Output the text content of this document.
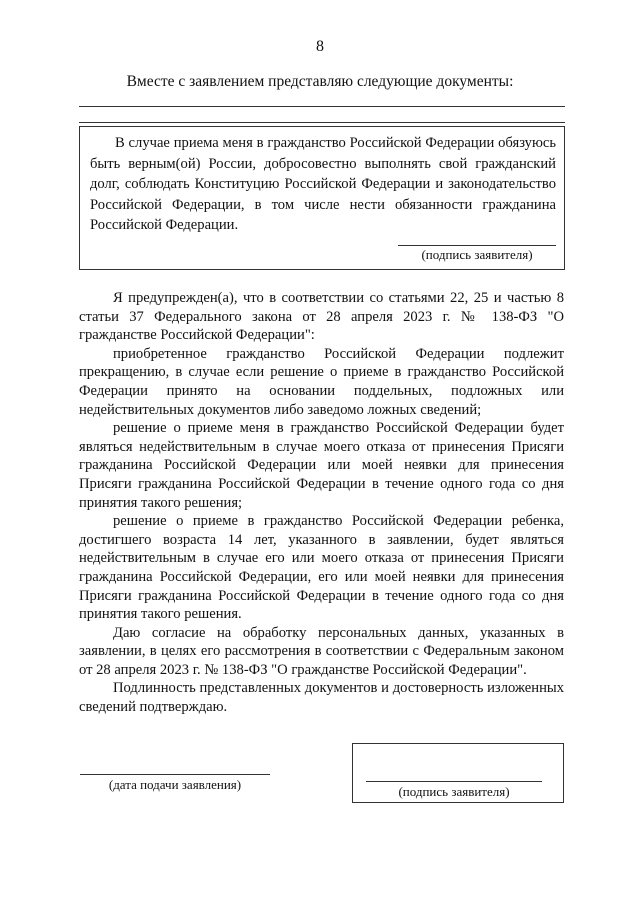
8
Вместе с заявлением представляю следующие документы:

В случае приема меня в гражданство Российской Федерации обязуюсь быть верным(ой) России, добросовестно выполнять свой гражданский долг, соблюдать Конституцию Российской Федерации и законодательство Российской Федерации, в том числе нести обязанности гражданина Российской Федерации.

(подпись заявителя)

Я предупрежден(а), что в соответствии со статьями 22, 25 и частью 8 статьи 37 Федерального закона от 28 апреля 2023 г. № 138-ФЗ "О гражданстве Российской Федерации":

приобретенное гражданство Российской Федерации подлежит прекращению, в случае если решение о приеме в гражданство Российской Федерации принято на основании поддельных, подложных или недействительных документов либо заведомо ложных сведений;

решение о приеме меня в гражданство Российской Федерации будет являться недействительным в случае моего отказа от принесения Присяги гражданина Российской Федерации или моей неявки для принесения Присяги гражданина Российской Федерации в течение одного года со дня принятия такого решения;

решение о приеме в гражданство Российской Федерации ребенка, достигшего возраста 14 лет, указанного в заявлении, будет являться недействительным в случае его или моего отказа от принесения Присяги гражданина Российской Федерации, его или моей неявки для принесения Присяги гражданина Российской Федерации в течение одного года со дня принятия такого решения.

Даю согласие на обработку персональных данных, указанных в заявлении, в целях его рассмотрения в соответствии с Федеральным законом от 28 апреля 2023 г. № 138-ФЗ "О гражданстве Российской Федерации".

Подлинность представленных документов и достоверность изложенных сведений подтверждаю.

(дата подачи заявления)	(подпись заявителя)
